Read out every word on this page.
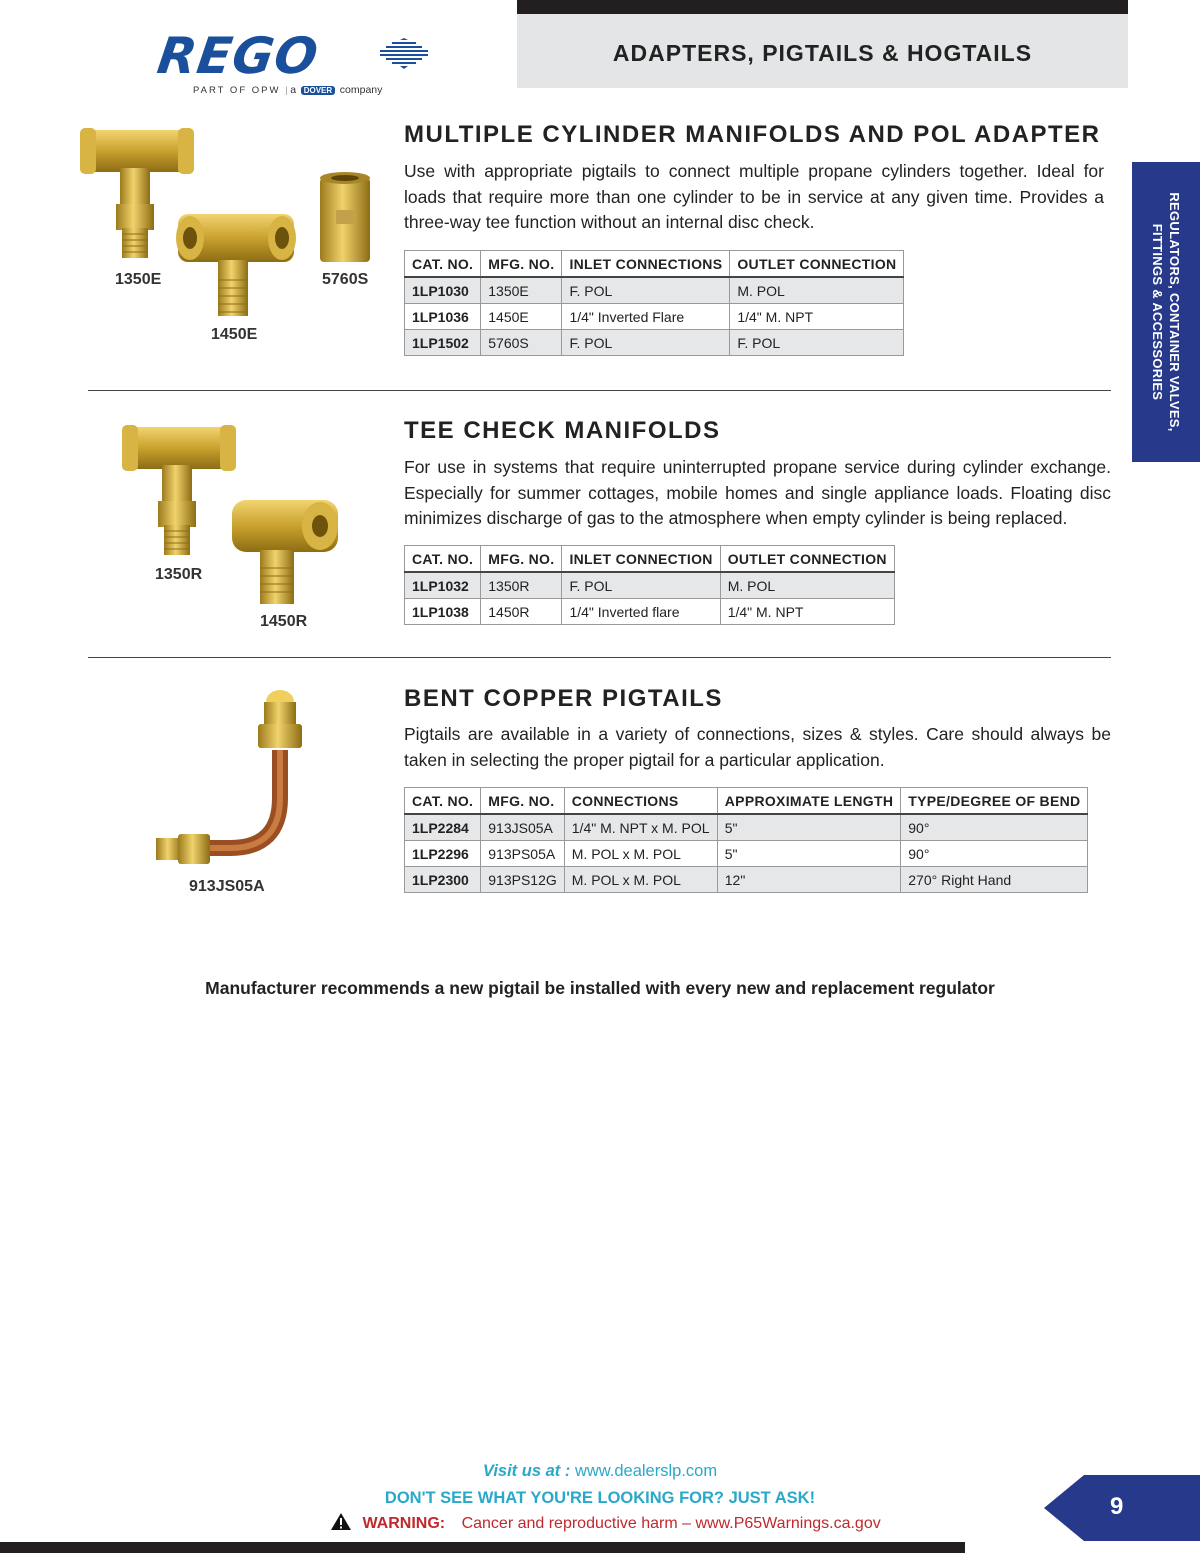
REGO
PART OF OPW | a DOVER company
ADAPTERS, PIGTAILS & HOGTAILS
REGULATORS, CONTAINER VALVES, FITTINGS & ACCESSORIES
1350E
1450E
5760S
MULTIPLE CYLINDER MANIFOLDS AND POL ADAPTER
Use with appropriate pigtails to connect multiple propane cylinders together. Ideal for loads that require more than one cylinder to be in service at any given time. Provides a three-way tee function without an internal disc check.
CAT. NO.	MFG. NO.	INLET CONNECTIONS	OUTLET CONNECTION
1LP1030	1350E	F. POL	M. POL
1LP1036	1450E	1/4" Inverted Flare	1/4" M. NPT
1LP1502	5760S	F. POL	F. POL
1350R
1450R
TEE CHECK MANIFOLDS
For use in systems that require uninterrupted propane service during cylinder exchange. Especially for summer cottages, mobile homes and single appliance loads. Floating disc minimizes discharge of gas to the atmosphere when empty cylinder is being replaced.
CAT. NO.	MFG. NO.	INLET CONNECTION	OUTLET CONNECTION
1LP1032	1350R	F. POL	M. POL
1LP1038	1450R	1/4" Inverted flare	1/4" M. NPT
913JS05A
BENT COPPER PIGTAILS
Pigtails are available in a variety of connections, sizes & styles. Care should always be taken in selecting the proper pigtail for a particular application.
CAT. NO.	MFG. NO.	CONNECTIONS	APPROXIMATE LENGTH	TYPE/DEGREE OF BEND
1LP2284	913JS05A	1/4" M. NPT x M. POL	5"	90°
1LP2296	913PS05A	M. POL x M. POL	5"	90°
1LP2300	913PS12G	M. POL x M. POL	12"	270° Right Hand
Manufacturer recommends a new pigtail be installed with every new and replacement regulator
Visit us at : www.dealerslp.com
DON'T SEE WHAT YOU'RE LOOKING FOR? JUST ASK!
WARNING: Cancer and reproductive harm – www.P65Warnings.ca.gov
9
